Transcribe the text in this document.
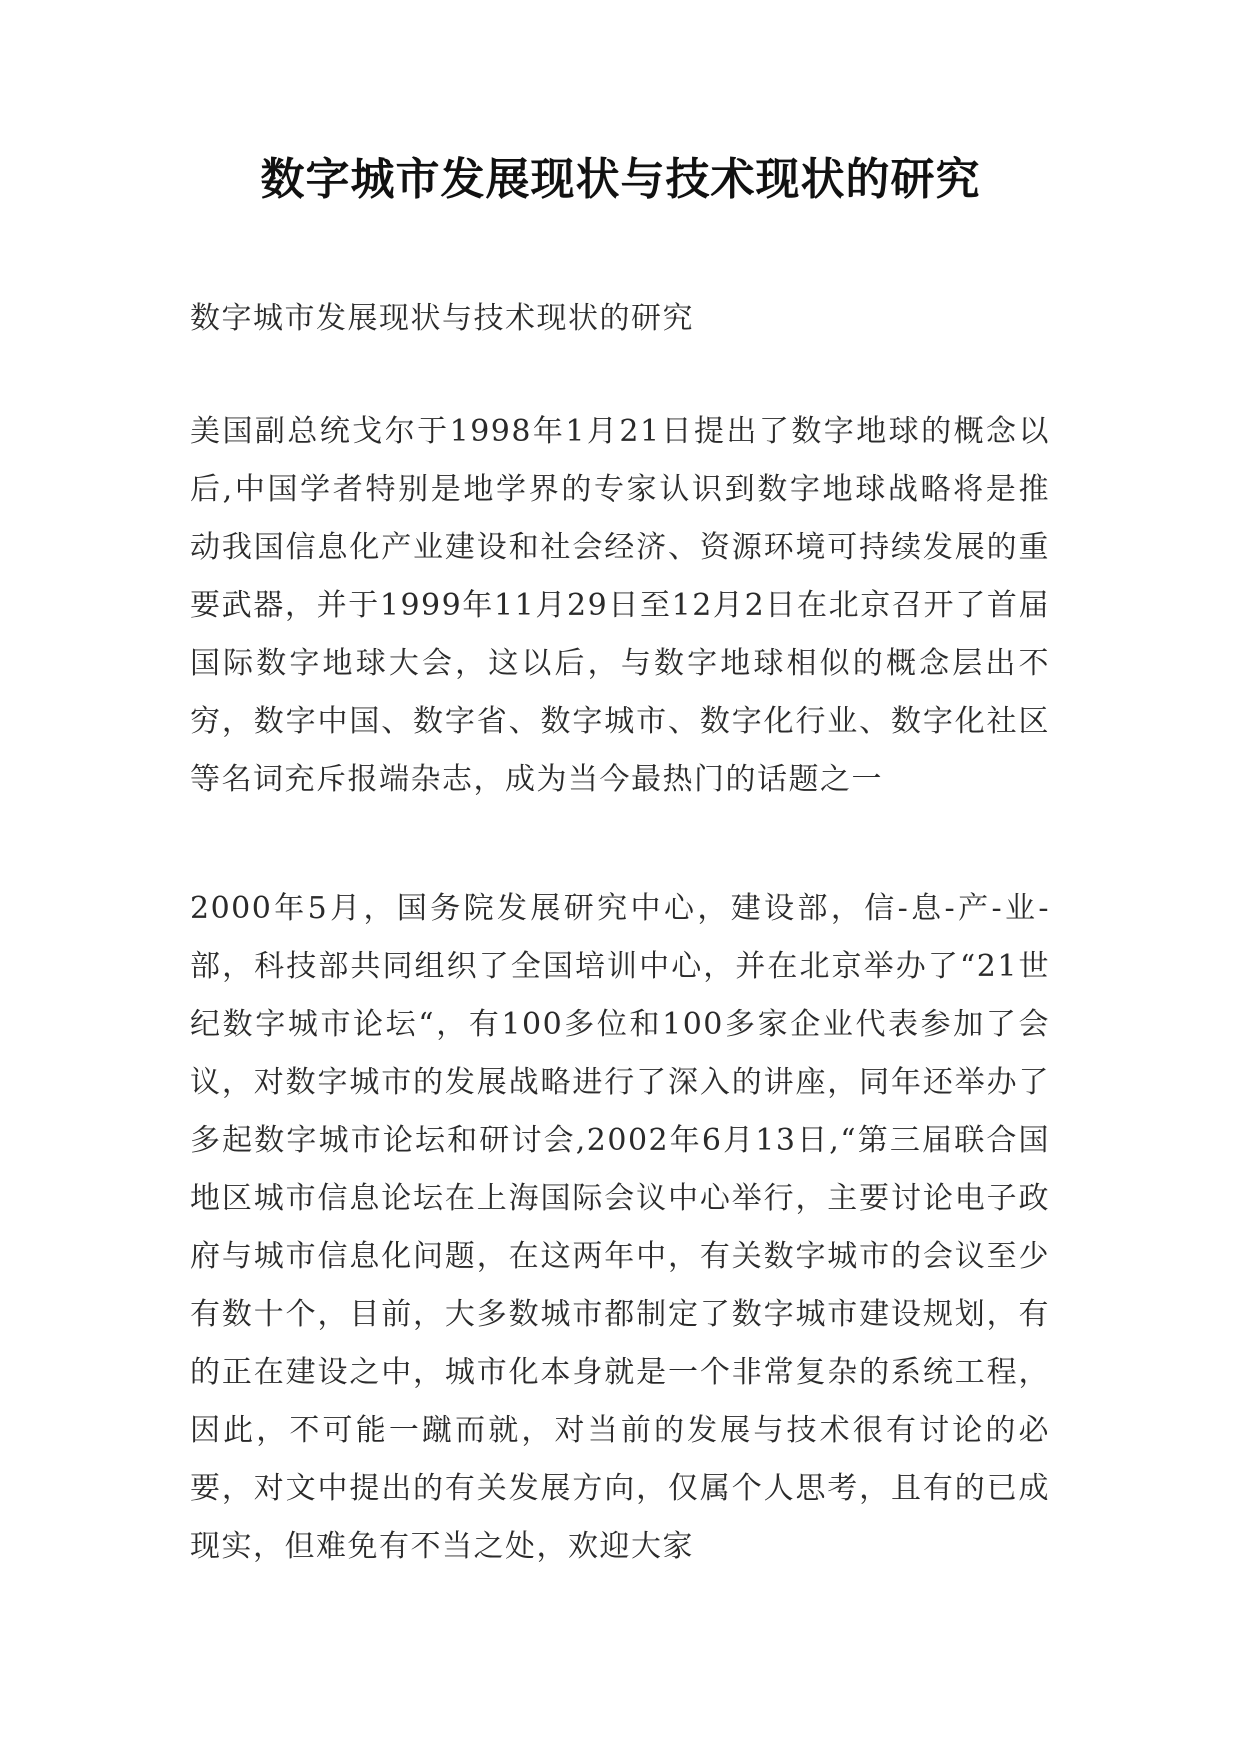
数字城市发展现状与技术现状的研究
数字城市发展现状与技术现状的研究
美国副总统戈尔于1998年1月21日提出了数字地球的概念以后,中国学者特别是地学界的专家认识到数字地球战略将是推动我国信息化产业建设和社会经济、资源环境可持续发展的重要武器，并于1999年11月29日至12月2日在北京召开了首届国际数字地球大会，这以后，与数字地球相似的概念层出不穷，数字中国、数字省、数字城市、数字化行业、数字化社区等名词充斥报端杂志，成为当今最热门的话题之一
2000年5月，国务院发展研究中心，建设部，信-息-产-业-部，科技部共同组织了全国培训中心，并在北京举办了“21世纪数字城市论坛“，有100多位和100多家企业代表参加了会议，对数字城市的发展战略进行了深入的讲座，同年还举办了多起数字城市论坛和研讨会,2002年6月13日,“第三届联合国地区城市信息论坛在上海国际会议中心举行，主要讨论电子政府与城市信息化问题，在这两年中，有关数字城市的会议至少有数十个，目前，大多数城市都制定了数字城市建设规划，有的正在建设之中，城市化本身就是一个非常复杂的系统工程，因此，不可能一蹴而就，对当前的发展与技术很有讨论的必要，对文中提出的有关发展方向，仅属个人思考，且有的已成现实，但难免有不当之处，欢迎大家
